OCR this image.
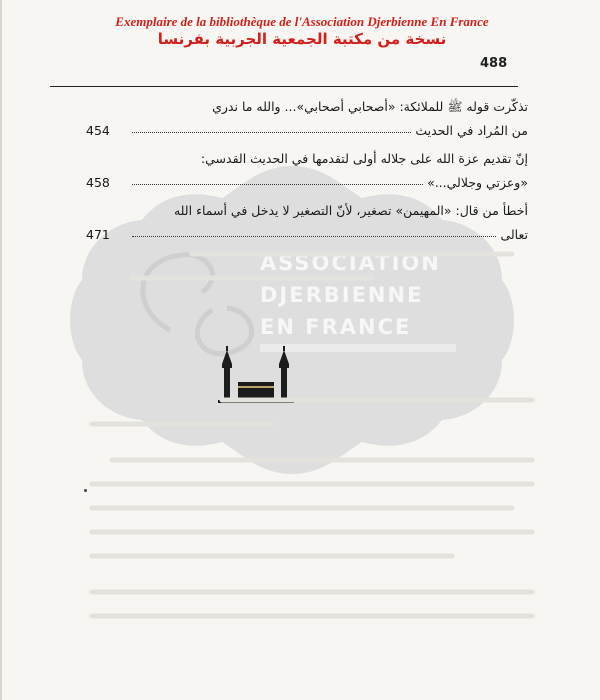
ASSOCIATION
DJERBIENNE
EN FRANCE
Exemplaire de la bibliothèque de l'Association Djerbienne En France
نسخة من مكتبة الجمعية الجربية بفرنسا
488
تذكّرت قوله ﷺ للملائكة: «أصحابي أصحابي»... والله ما ندري
454	من المُراد في الحديث
إنّ تقديم عزة الله على جلاله أولى لتقدمها في الحديث القدسي:
458	«وعزتي وجلالي...»
أخطأ من قال: «المهيمن» تصغير، لأنّ التصغير لا يدخل في أسماء الله
471	تعالى
